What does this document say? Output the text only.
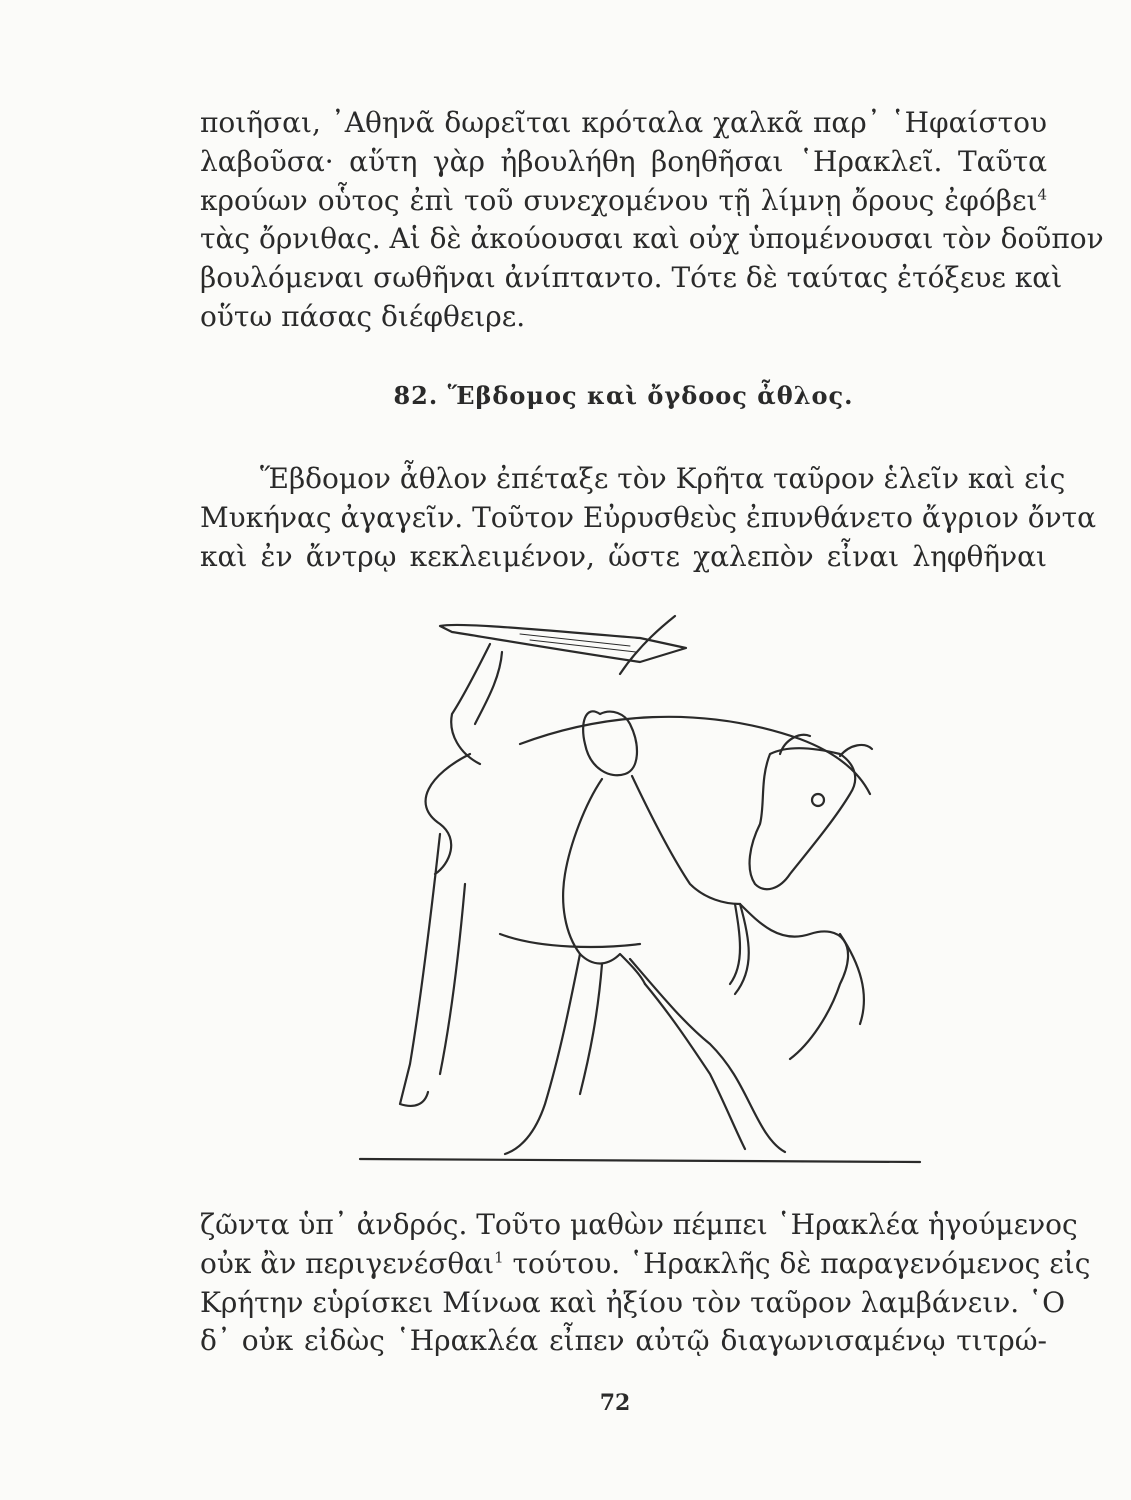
ποιῆσαι, ᾿Αθηνᾶ δωρεῖται κρόταλα χαλκᾶ παρ᾿ ῾Ηφαίστου
λαβοῦσα· αὕτη γὰρ ἠβουλήθη βοηθῆσαι ῾Ηρακλεῖ. Ταῦτα
κρούων οὗτος ἐπὶ τοῦ συνεχομένου τῇ λίμνῃ ὄρους ἐφόβει$^4$
τὰς ὄρνιθας. Αἱ δὲ ἀκούουσαι καὶ οὐχ ὑπομένουσαι τὸν δοῦπον
βουλόμεναι σωθῆναι ἀνίπταντο. Τότε δὲ ταύτας ἐτόξευε καὶ
οὕτω πάσας διέφθειρε.

82. Ἕβδομος καὶ ὄγδοος ἆθλος.

Ἕβδομον ἆθλον ἐπέταξε τὸν Κρῆτα ταῦρον ἑλεῖν καὶ εἰς
Μυκήνας ἀγαγεῖν. Τοῦτον Εὐρυσθεὺς ἐπυνθάνετο ἄγριον ὄντα
καὶ ἐν ἄντρῳ κεκλειμένον, ὥστε χαλεπὸν εἶναι ληφθῆναι

ζῶντα ὑπ᾿ ἀνδρός. Τοῦτο μαθὼν πέμπει ῾Ηρακλέα ἡγούμενος
οὐκ ἂν περιγενέσθαι$^1$ τούτου. ῾Ηρακλῆς δὲ παραγενόμενος εἰς
Κρήτην εὑρίσκει Μίνωα καὶ ἠξίου τὸν ταῦρον λαμβάνειν. ῾Ο
δ᾿ οὐκ εἰδὼς ῾Ηρακλέα εἶπεν αὐτῷ διαγωνισαμένῳ τιτρώ-

72
